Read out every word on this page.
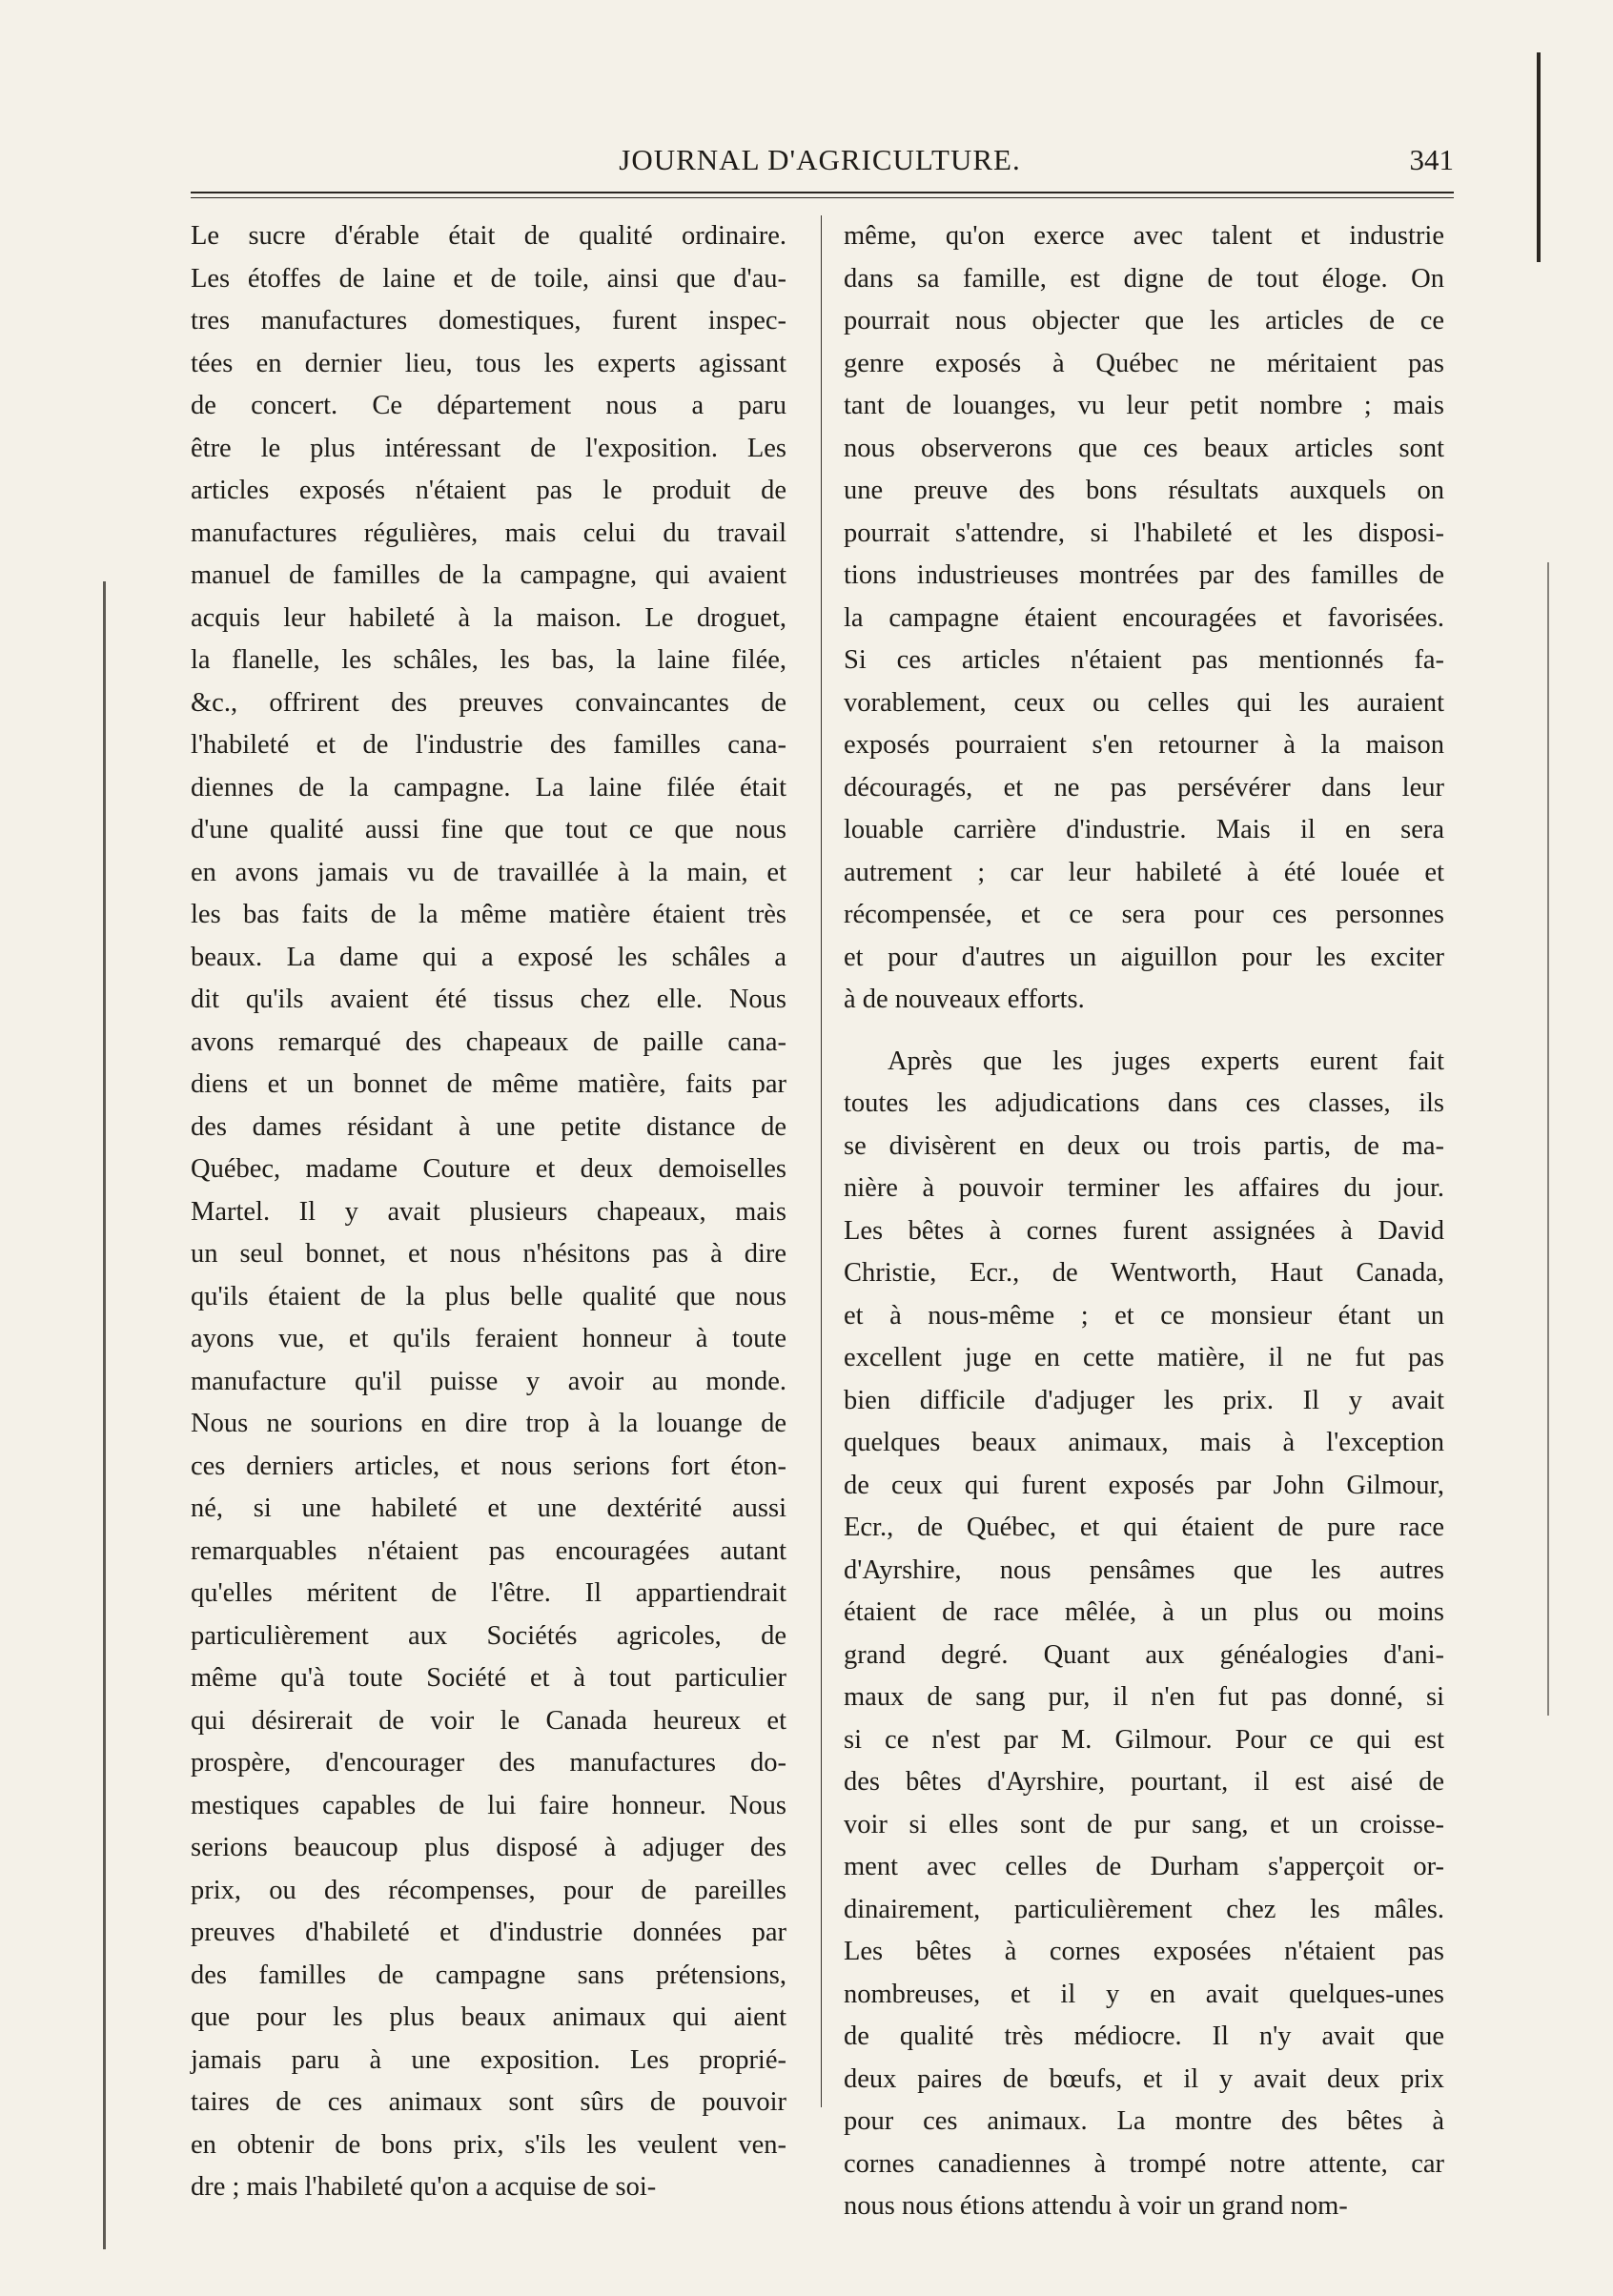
JOURNAL D'AGRICULTURE.	341
Le sucre d'érable était de qualité ordinaire.
Les étoffes de laine et de toile, ainsi que d'au-
tres manufactures domestiques, furent inspec-
tées en dernier lieu, tous les experts agissant
de concert. Ce département nous a paru
être le plus intéressant de l'exposition. Les
articles exposés n'étaient pas le produit de
manufactures régulières, mais celui du travail
manuel de familles de la campagne, qui avaient
acquis leur habileté à la maison. Le droguet,
la flanelle, les schâles, les bas, la laine filée,
&c., offrirent des preuves convaincantes de
l'habileté et de l'industrie des familles cana-
diennes de la campagne. La laine filée était
d'une qualité aussi fine que tout ce que nous
en avons jamais vu de travaillée à la main, et
les bas faits de la même matière étaient très
beaux. La dame qui a exposé les schâles a
dit qu'ils avaient été tissus chez elle. Nous
avons remarqué des chapeaux de paille cana-
diens et un bonnet de même matière, faits par
des dames résidant à une petite distance de
Québec, madame Couture et deux demoiselles
Martel. Il y avait plusieurs chapeaux, mais
un seul bonnet, et nous n'hésitons pas à dire
qu'ils étaient de la plus belle qualité que nous
ayons vue, et qu'ils feraient honneur à toute
manufacture qu'il puisse y avoir au monde.
Nous ne sourions en dire trop à la louange de
ces derniers articles, et nous serions fort éton-
né, si une habileté et une dextérité aussi
remarquables n'étaient pas encouragées autant
qu'elles méritent de l'être. Il appartiendrait
particulièrement aux Sociétés agricoles, de
même qu'à toute Société et à tout particulier
qui désirerait de voir le Canada heureux et
prospère, d'encourager des manufactures do-
mestiques capables de lui faire honneur. Nous
serions beaucoup plus disposé à adjuger des
prix, ou des récompenses, pour de pareilles
preuves d'habileté et d'industrie données par
des familles de campagne sans prétensions,
que pour les plus beaux animaux qui aient
jamais paru à une exposition. Les proprié-
taires de ces animaux sont sûrs de pouvoir
en obtenir de bons prix, s'ils les veulent ven-
dre ; mais l'habileté qu'on a acquise de soi-
même, qu'on exerce avec talent et industrie
dans sa famille, est digne de tout éloge. On
pourrait nous objecter que les articles de ce
genre exposés à Québec ne méritaient pas
tant de louanges, vu leur petit nombre ; mais
nous observerons que ces beaux articles sont
une preuve des bons résultats auxquels on
pourrait s'attendre, si l'habileté et les disposi-
tions industrieuses montrées par des familles de
la campagne étaient encouragées et favorisées.
Si ces articles n'étaient pas mentionnés fa-
vorablement, ceux ou celles qui les auraient
exposés pourraient s'en retourner à la maison
découragés, et ne pas persévérer dans leur
louable carrière d'industrie. Mais il en sera
autrement ; car leur habileté à été louée et
récompensée, et ce sera pour ces personnes
et pour d'autres un aiguillon pour les exciter
à de nouveaux efforts.
Après que les juges experts eurent fait
toutes les adjudications dans ces classes, ils
se divisèrent en deux ou trois partis, de ma-
nière à pouvoir terminer les affaires du jour.
Les bêtes à cornes furent assignées à David
Christie, Ecr., de Wentworth, Haut Canada,
et à nous-même ; et ce monsieur étant un
excellent juge en cette matière, il ne fut pas
bien difficile d'adjuger les prix. Il y avait
quelques beaux animaux, mais à l'exception
de ceux qui furent exposés par John Gilmour,
Ecr., de Québec, et qui étaient de pure race
d'Ayrshire, nous pensâmes que les autres
étaient de race mêlée, à un plus ou moins
grand degré. Quant aux généalogies d'ani-
maux de sang pur, il n'en fut pas donné, si
si ce n'est par M. Gilmour. Pour ce qui est
des bêtes d'Ayrshire, pourtant, il est aisé de
voir si elles sont de pur sang, et un croisse-
ment avec celles de Durham s'apperçoit or-
dinairement, particulièrement chez les mâles.
Les bêtes à cornes exposées n'étaient pas
nombreuses, et il y en avait quelques-unes
de qualité très médiocre. Il n'y avait que
deux paires de bœufs, et il y avait deux prix
pour ces animaux. La montre des bêtes à
cornes canadiennes à trompé notre attente, car
nous nous étions attendu à voir un grand nom-
